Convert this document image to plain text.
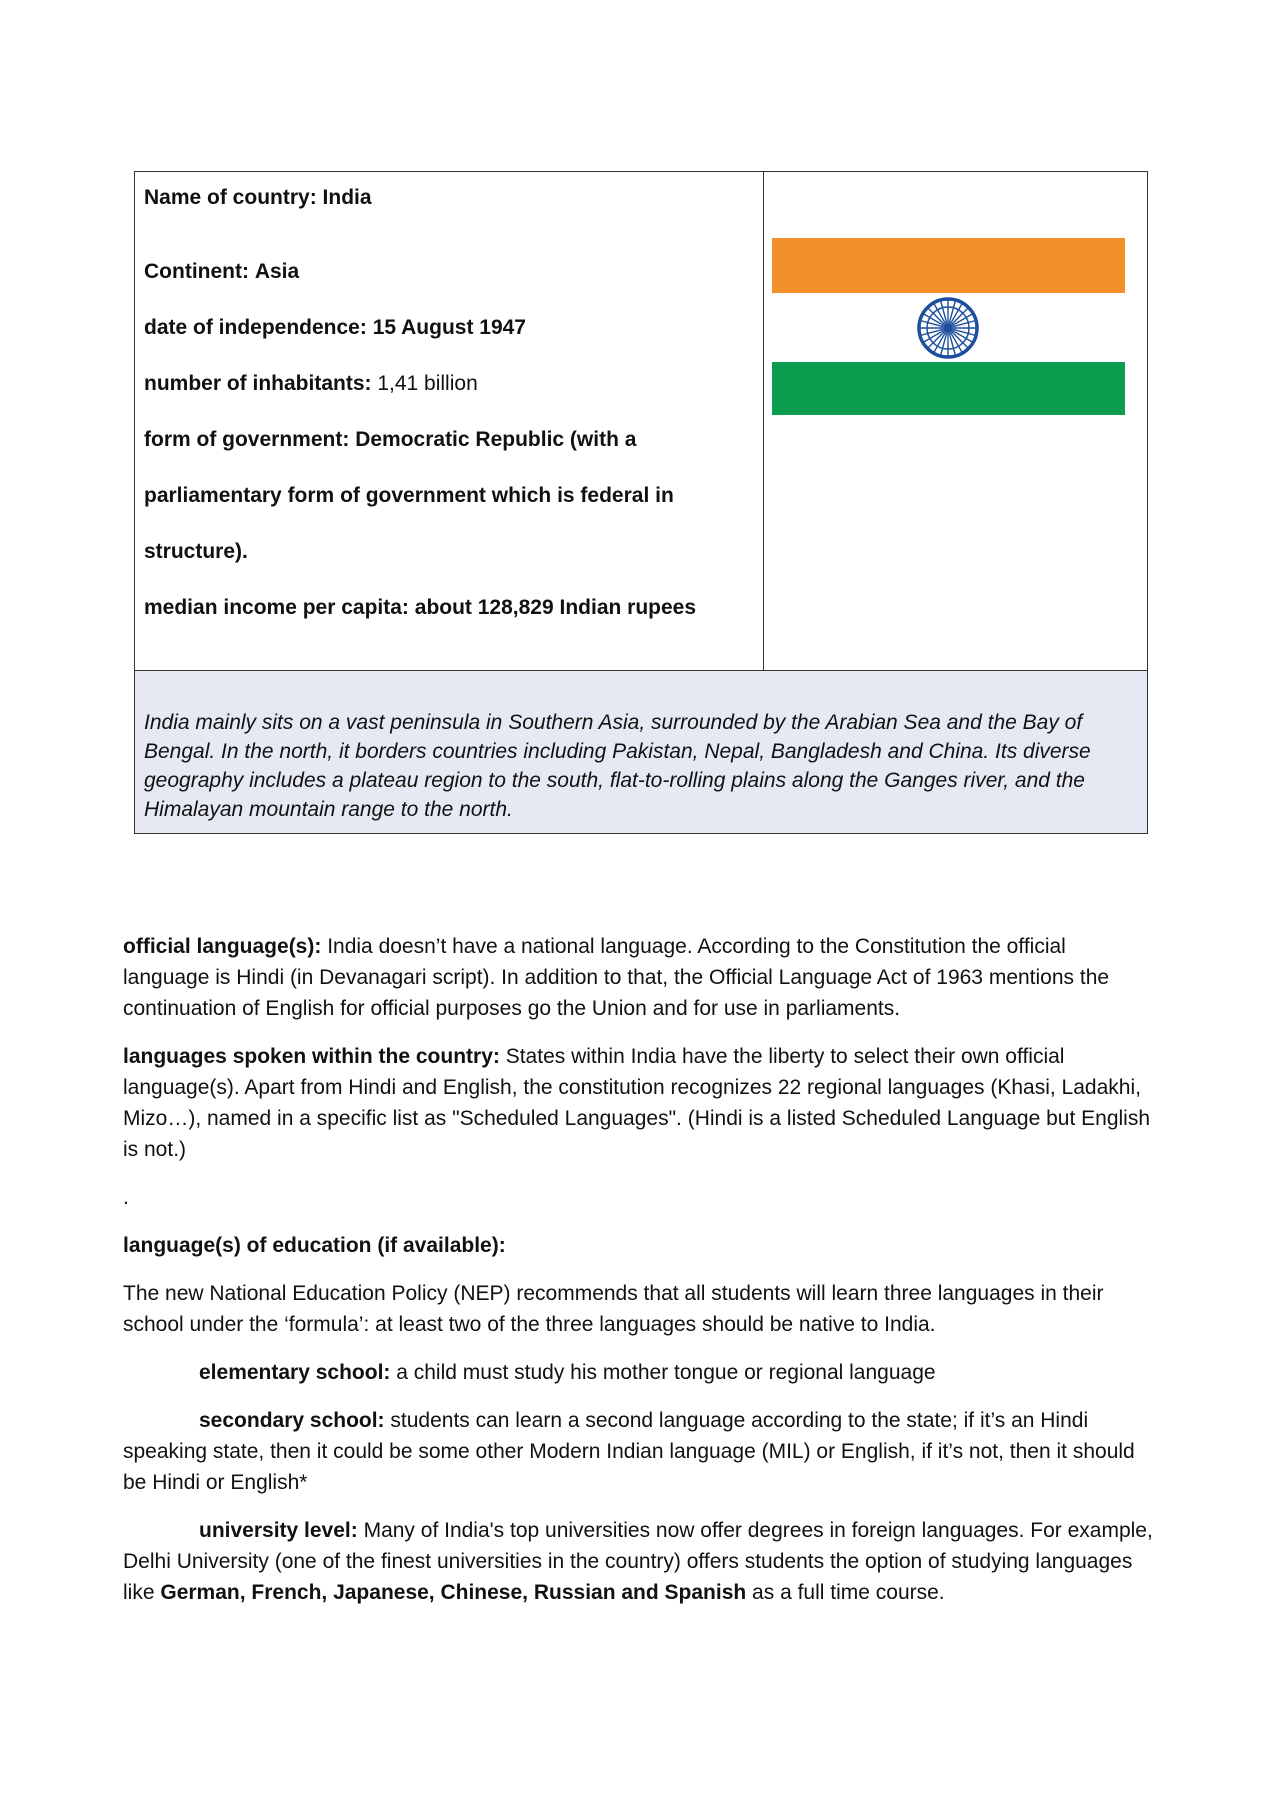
Name of country: India
Continent: Asia
date of independence: 15 August 1947
number of inhabitants: 1,41 billion
form of government: Democratic Republic (with a
parliamentary form of government which is federal in
structure).
median income per capita: about 128,829 Indian rupees

India mainly sits on a vast peninsula in Southern Asia, surrounded by the Arabian Sea and the Bay of Bengal. In the north, it borders countries including Pakistan, Nepal, Bangladesh and China. Its diverse geography includes a plateau region to the south, flat-to-rolling plains along the Ganges river, and the Himalayan mountain range to the north.

official language(s): India doesn’t have a national language. According to the Constitution the official language is Hindi (in Devanagari script). In addition to that, the Official Language Act of 1963 mentions the continuation of English for official purposes go the Union and for use in parliaments.

languages spoken within the country: States within India have the liberty to select their own official language(s). Apart from Hindi and English, the constitution recognizes 22 regional languages (Khasi, Ladakhi, Mizo…), named in a specific list as "Scheduled Languages". (Hindi is a listed Scheduled Language but English is not.)

.

language(s) of education (if available):

The new National Education Policy (NEP) recommends that all students will learn three languages in their school under the ‘formula’: at least two of the three languages should be native to India.

elementary school: a child must study his mother tongue or regional language

secondary school: students can learn a second language according to the state; if it’s an Hindi speaking state, then it could be some other Modern Indian language (MIL) or English, if it’s not, then it should be Hindi or English*

university level: Many of India's top universities now offer degrees in foreign languages. For example, Delhi University (one of the finest universities in the country) offers students the option of studying languages like German, French, Japanese, Chinese, Russian and Spanish as a full time course.
